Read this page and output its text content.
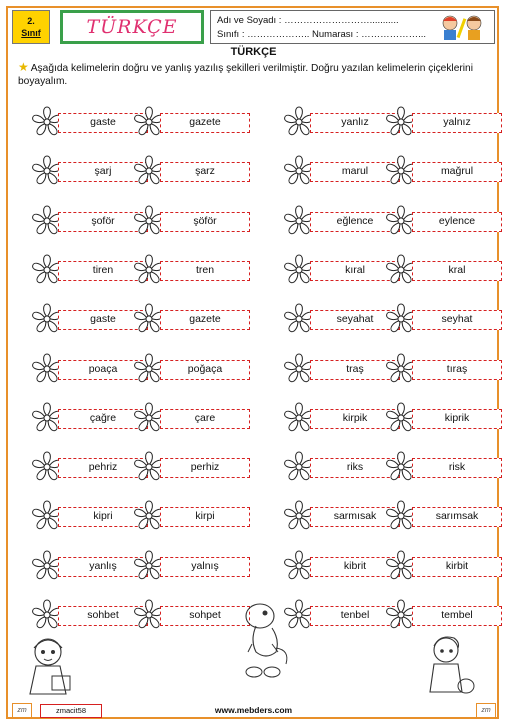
2.
Sınıf	TÜRKÇE	Adı ve Soyadı : ………………………...........
Sınıfı : ……………….. Numarası : ………………...
TÜRKÇE
★ Aşağıda kelimelerin doğru ve yanlış yazılış şekilleri verilmiştir. Doğru yazılan kelimelerin çiçeklerini boyayalım.
gaste	gazete
şarj	şarz
şoför	şöför
tiren	tren
gaste	gazete
poaça	poğaça
çağre	çare
pehriz	perhiz
kipri	kirpi
yanlış	yalnış
sohbet	sohpet
yanlız	yalnız
marul	mağrul
eğlence	eylence
kıral	kral
seyahat	seyhat
traş	tıraş
kirpik	kiprik
riks	risk
sarmısak	sarımsak
kibrit	kirbit
tenbel	tembel
zm	zmacit58	www.mebders.com	zm
